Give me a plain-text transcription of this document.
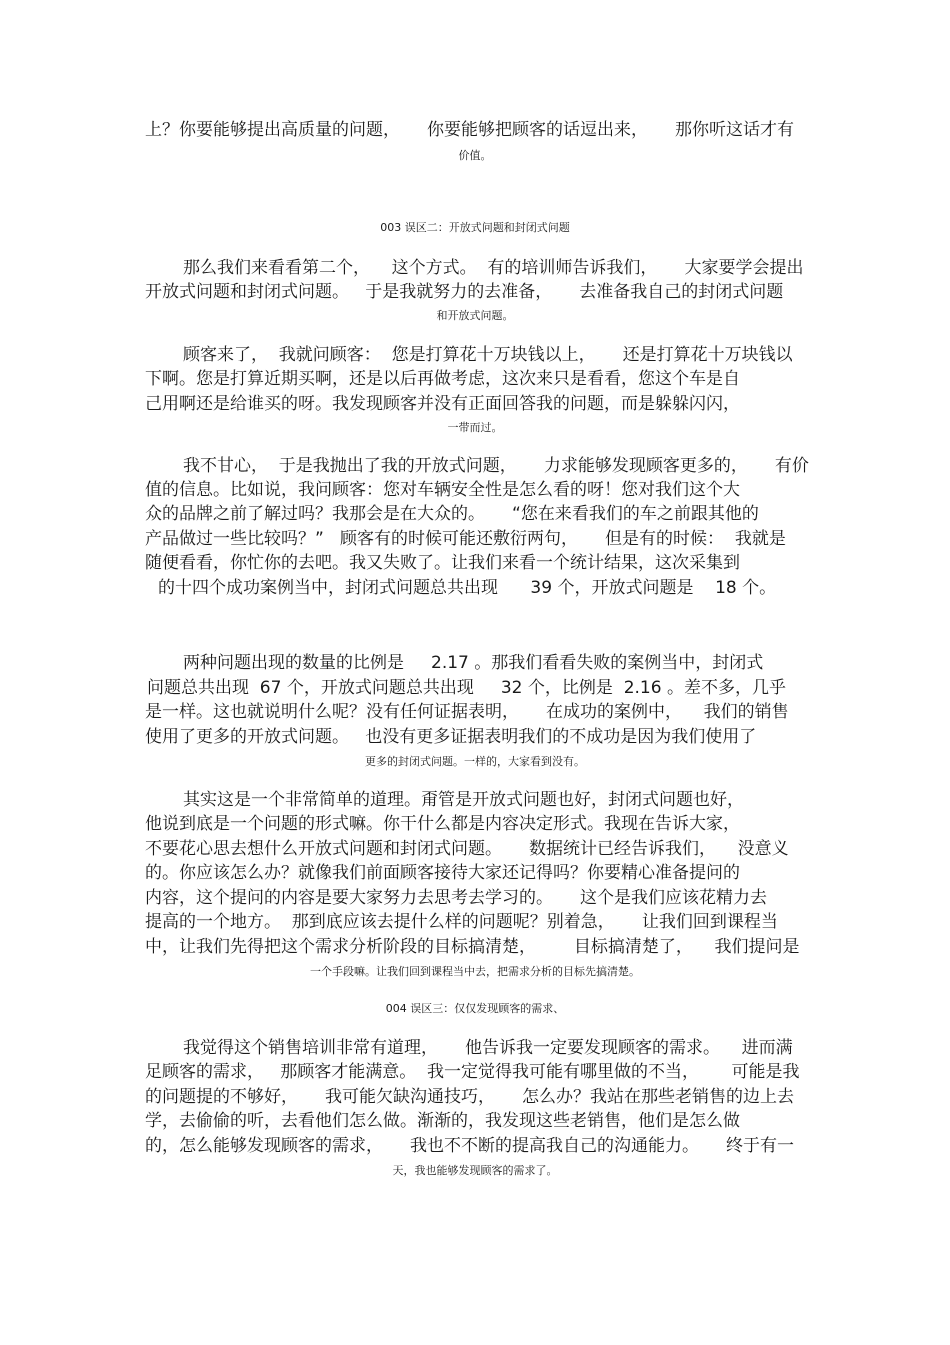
上？你要能够提出高质量的问题，     你要能够把顾客的话逗出来，     那你听这话才有
价值。
003 误区二：开放式问题和封闭式问题
那么我们来看看第二个，    这个方式。  有的培训师告诉我们，     大家要学会提出
开放式问题和封闭式问题。   于是我就努力的去准备，     去准备我自己的封闭式问题
和开放式问题。
顾客来了，  我就问顾客：  您是打算花十万块钱以上，     还是打算花十万块钱以
下啊。您是打算近期买啊，还是以后再做考虑，这次来只是看看，您这个车是自
己用啊还是给谁买的呀。我发现顾客并没有正面回答我的问题，而是躲躲闪闪，
一带而过。
我不甘心，  于是我抛出了我的开放式问题，     力求能够发现顾客更多的，     有价
值的信息。比如说，我问顾客：您对车辆安全性是怎么看的呀！您对我们这个大
众的品牌之前了解过吗？我那会是在大众的。     “您在来看我们的车之前跟其他的
产品做过一些比较吗？”   顾客有的时候可能还敷衍两句，     但是有的时候：  我就是
随便看看，你忙你的去吧。我又失败了。让我们来看一个统计结果，这次采集到
的十四个成功案例当中，封闭式问题总共出现      39 个，开放式问题是    18 个。
两种问题出现的数量的比例是     2.17 。那我们看看失败的案例当中，封闭式
问题总共出现  67 个，开放式问题总共出现     32 个，比例是  2.16 。差不多，几乎
是一样。这也就说明什么呢？没有任何证据表明，     在成功的案例中，    我们的销售
使用了更多的开放式问题。   也没有更多证据表明我们的不成功是因为我们使用了
更多的封闭式问题。一样的，大家看到没有。
其实这是一个非常简单的道理。甭管是开放式问题也好，封闭式问题也好，
他说到底是一个问题的形式嘛。你干什么都是内容决定形式。我现在告诉大家，
不要花心思去想什么开放式问题和封闭式问题。     数据统计已经告诉我们，    没意义
的。你应该怎么办？就像我们前面顾客接待大家还记得吗？你要精心准备提问的
内容，这个提问的内容是要大家努力去思考去学习的。     这个是我们应该花精力去
提高的一个地方。  那到底应该去提什么样的问题呢？别着急，     让我们回到课程当
中，让我们先得把这个需求分析阶段的目标搞清楚，       目标搞清楚了，    我们提问是
一个手段嘛。让我们回到课程当中去，把需求分析的目标先搞清楚。
004 误区三：仅仅发现顾客的需求、
我觉得这个销售培训非常有道理，     他告诉我一定要发现顾客的需求。    进而满
足顾客的需求，   那顾客才能满意。  我一定觉得我可能有哪里做的不当，      可能是我
的问题提的不够好，     我可能欠缺沟通技巧，     怎么办？我站在那些老销售的边上去
学，去偷偷的听，去看他们怎么做。渐渐的，我发现这些老销售，他们是怎么做
的，怎么能够发现顾客的需求，     我也不不断的提高我自己的沟通能力。     终于有一
天，我也能够发现顾客的需求了。
